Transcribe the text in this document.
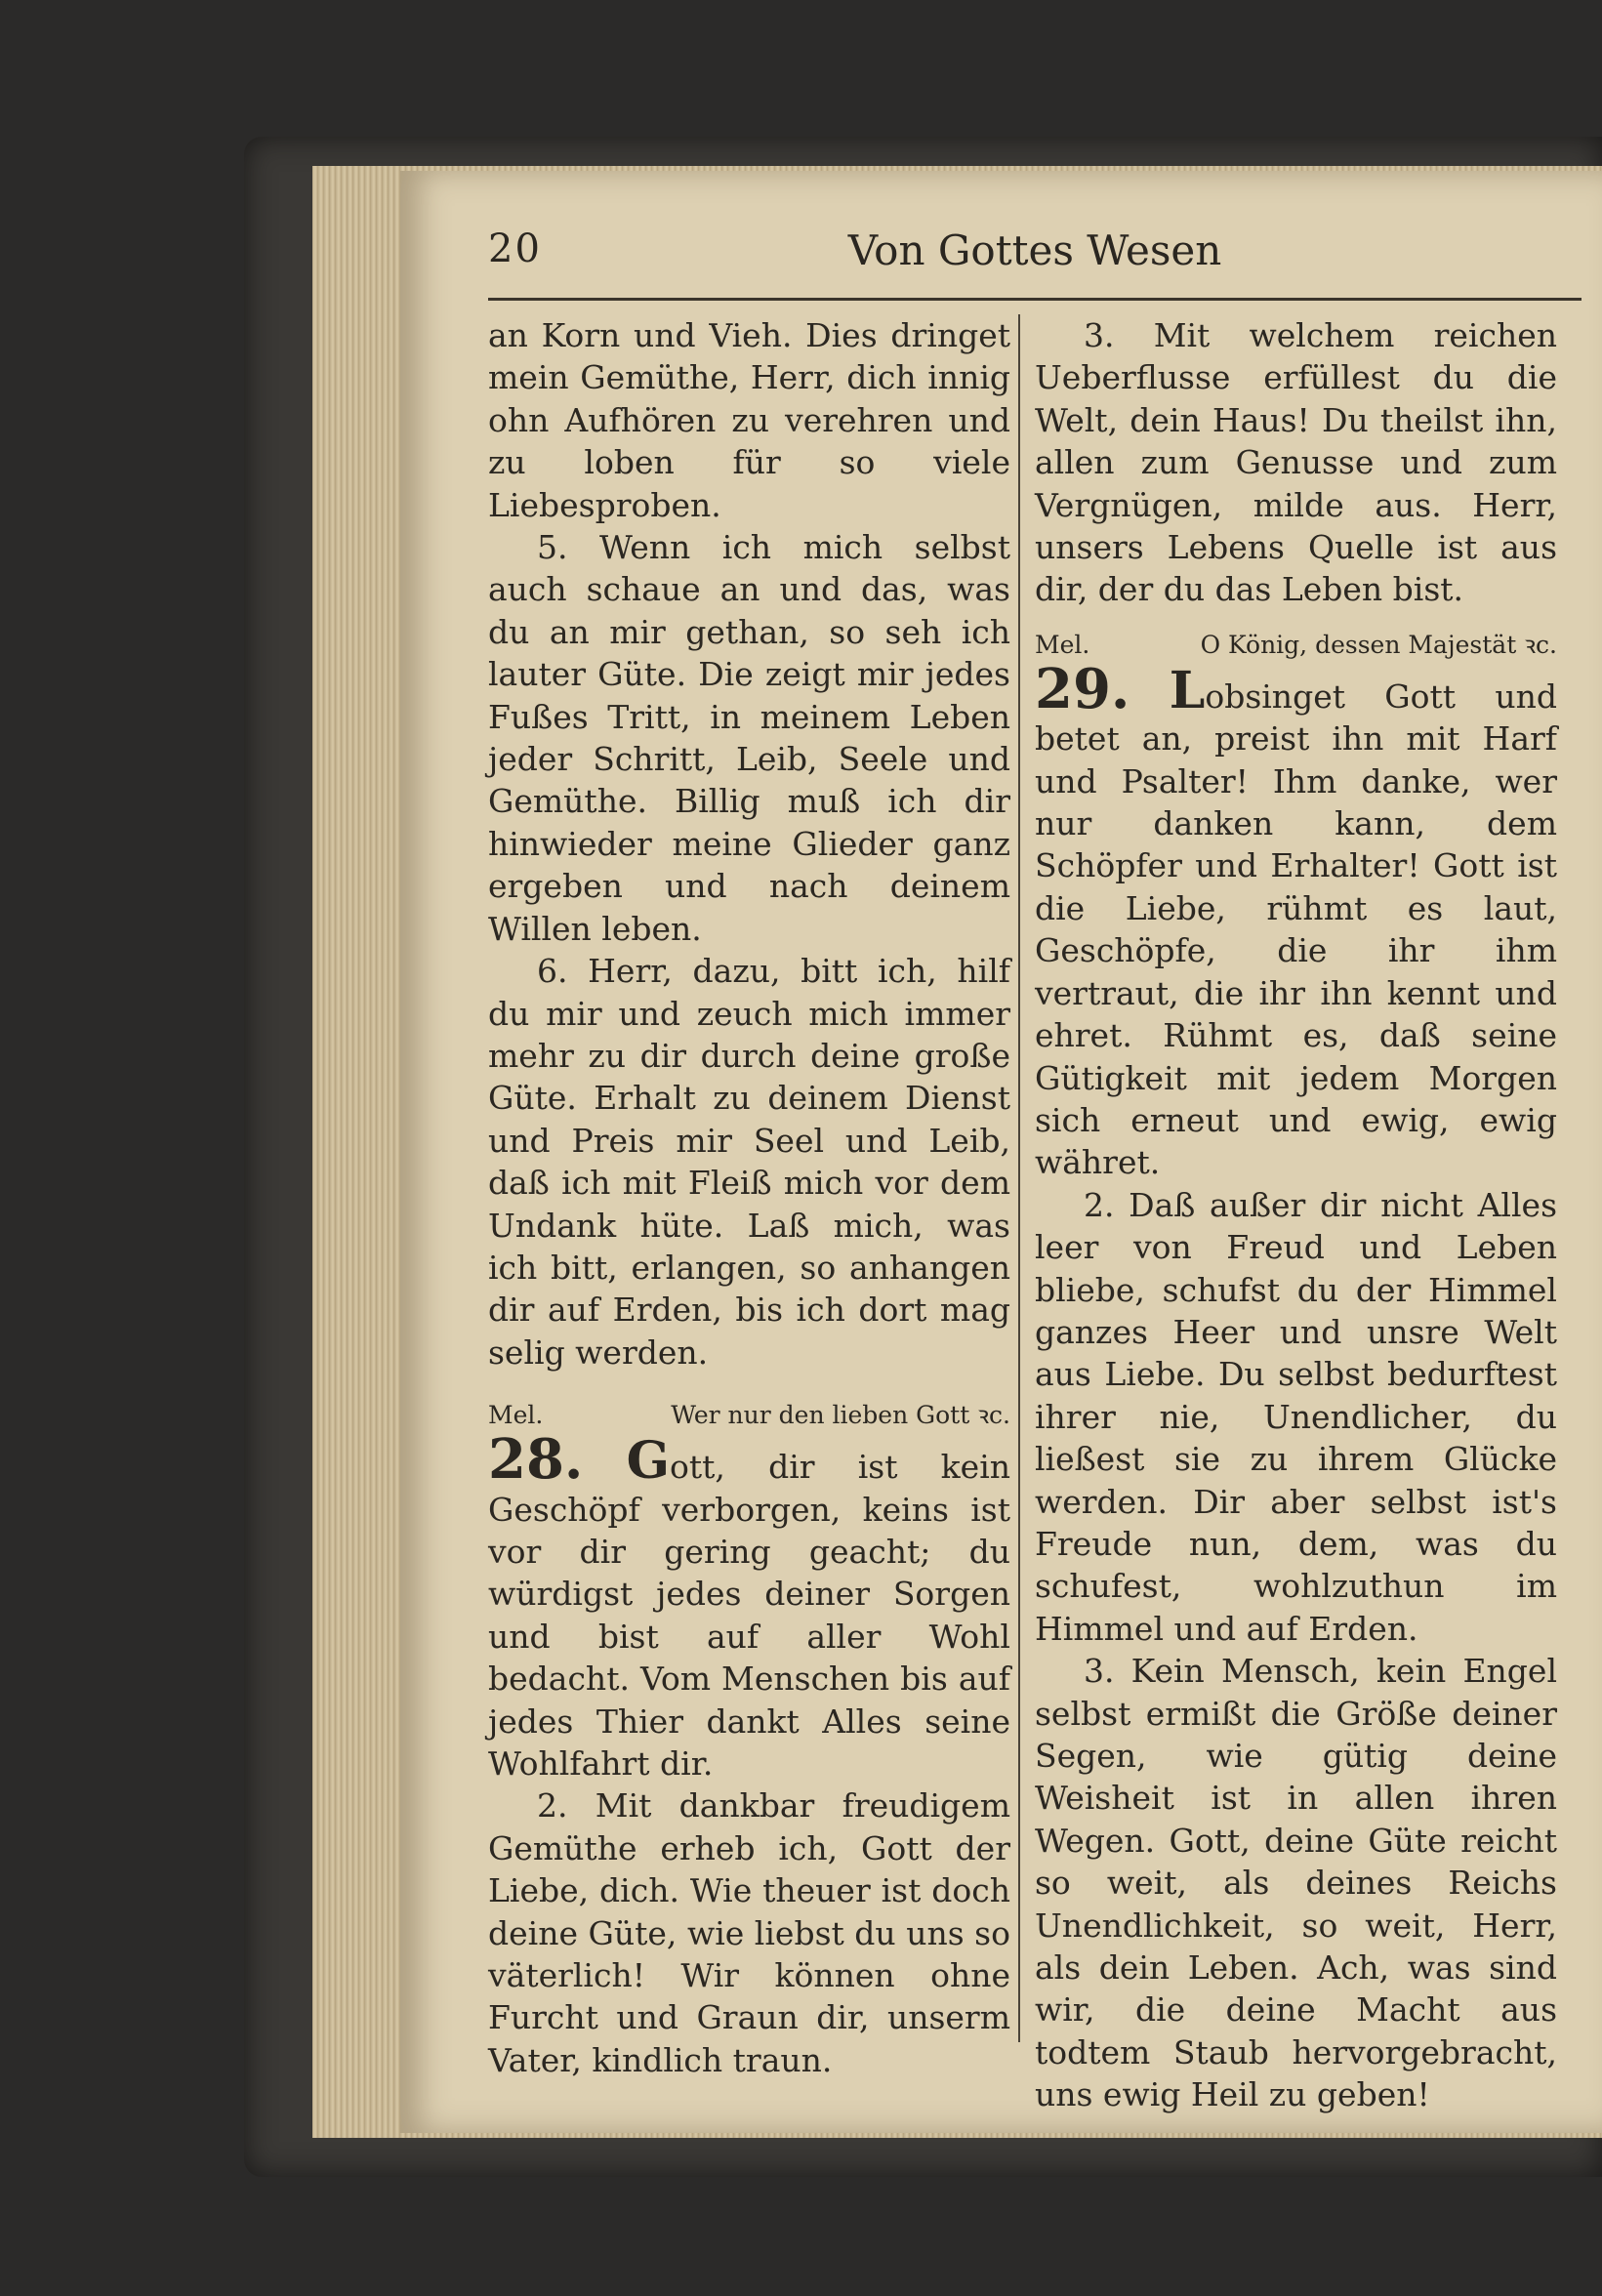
20	Von Gottes Wesen

an Korn und Vieh. Dies dringet mein Gemüthe, Herr, dich innig ohn Aufhören zu verehren und zu loben für so viele Liebesproben.

5. Wenn ich mich selbst auch schaue an und das, was du an mir gethan, so seh ich lauter Güte. Die zeigt mir jedes Fußes Tritt, in meinem Leben jeder Schritt, Leib, Seele und Gemüthe. Billig muß ich dir hinwieder meine Glieder ganz ergeben und nach deinem Willen leben.

6. Herr, dazu, bitt ich, hilf du mir und zeuch mich immer mehr zu dir durch deine große Güte. Erhalt zu deinem Dienst und Preis mir Seel und Leib, daß ich mit Fleiß mich vor dem Undank hüte. Laß mich, was ich bitt, erlangen, so anhangen dir auf Erden, bis ich dort mag selig werden.

Mel.	Wer nur den lieben Gott ꝛc.

28. Gott, dir ist kein Geschöpf verborgen, keins ist vor dir gering geacht; du würdigst jedes deiner Sorgen und bist auf aller Wohl bedacht. Vom Menschen bis auf jedes Thier dankt Alles seine Wohlfahrt dir.

2. Mit dankbar freudigem Gemüthe erheb ich, Gott der Liebe, dich. Wie theuer ist doch deine Güte, wie liebst du uns so väterlich! Wir können ohne Furcht und Graun dir, unserm Vater, kindlich traun.

3. Mit welchem reichen Ueberflusse erfüllest du die Welt, dein Haus! Du theilst ihn, allen zum Genusse und zum Vergnügen, milde aus. Herr, unsers Lebens Quelle ist aus dir, der du das Leben bist.

Mel.	O König, dessen Majestät ꝛc.

29. Lobsinget Gott und betet an, preist ihn mit Harf und Psalter! Ihm danke, wer nur danken kann, dem Schöpfer und Erhalter! Gott ist die Liebe, rühmt es laut, Geschöpfe, die ihr ihm vertraut, die ihr ihn kennt und ehret. Rühmt es, daß seine Gütigkeit mit jedem Morgen sich erneut und ewig, ewig währet.

2. Daß außer dir nicht Alles leer von Freud und Leben bliebe, schufst du der Himmel ganzes Heer und unsre Welt aus Liebe. Du selbst bedurftest ihrer nie, Unendlicher, du ließest sie zu ihrem Glücke werden. Dir aber selbst ist's Freude nun, dem, was du schufest, wohlzuthun im Himmel und auf Erden.

3. Kein Mensch, kein Engel selbst ermißt die Größe deiner Segen, wie gütig deine Weisheit ist in allen ihren Wegen. Gott, deine Güte reicht so weit, als deines Reichs Unendlichkeit, so weit, Herr, als dein Leben. Ach, was sind wir, die deine Macht aus todtem Staub hervorgebracht, uns ewig Heil zu geben!
